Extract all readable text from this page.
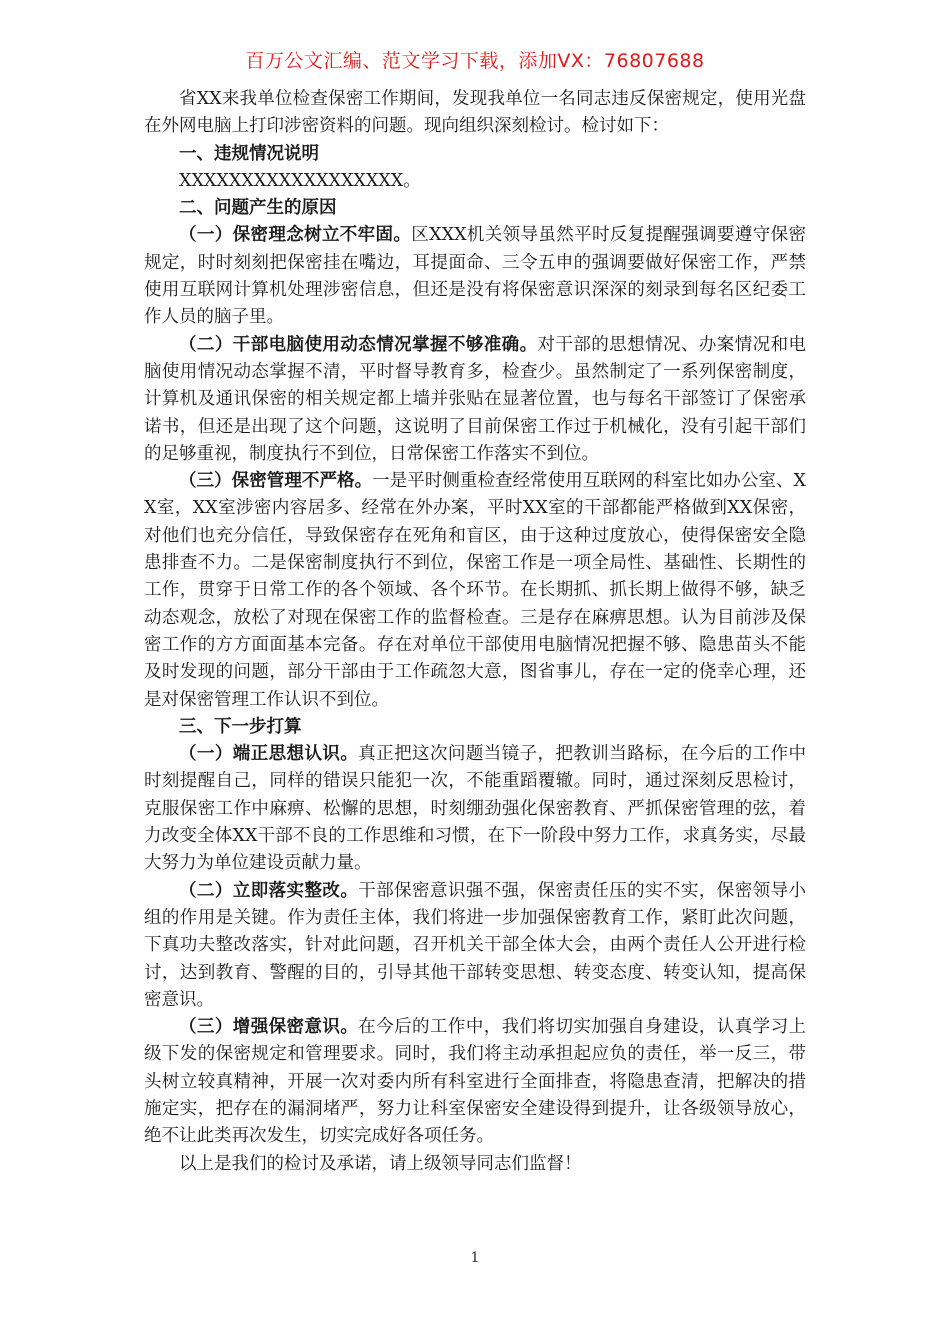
百万公文汇编、范文学习下载，添加VX：76807688

省XX来我单位检查保密工作期间，发现我单位一名同志违反保密规定，使用光盘在外网电脑上打印涉密资料的问题。现向组织深刻检讨。检讨如下：

一、违规情况说明

XXXXXXXXXXXXXXXXXX。

二、问题产生的原因

（一）保密理念树立不牢固。区XXX机关领导虽然平时反复提醒强调要遵守保密规定，时时刻刻把保密挂在嘴边，耳提面命、三令五申的强调要做好保密工作，严禁使用互联网计算机处理涉密信息，但还是没有将保密意识深深的刻录到每名区纪委工作人员的脑子里。

（二）干部电脑使用动态情况掌握不够准确。对干部的思想情况、办案情况和电脑使用情况动态掌握不清，平时督导教育多，检查少。虽然制定了一系列保密制度，计算机及通讯保密的相关规定都上墙并张贴在显著位置，也与每名干部签订了保密承诺书，但还是出现了这个问题，这说明了目前保密工作过于机械化，没有引起干部们的足够重视，制度执行不到位，日常保密工作落实不到位。

（三）保密管理不严格。一是平时侧重检查经常使用互联网的科室比如办公室、XX室，XX室涉密内容居多、经常在外办案，平时XX室的干部都能严格做到XX保密，对他们也充分信任，导致保密存在死角和盲区，由于这种过度放心，使得保密安全隐患排查不力。二是保密制度执行不到位，保密工作是一项全局性、基础性、长期性的工作，贯穿于日常工作的各个领域、各个环节。在长期抓、抓长期上做得不够，缺乏动态观念，放松了对现在保密工作的监督检查。三是存在麻痹思想。认为目前涉及保密工作的方方面面基本完备。存在对单位干部使用电脑情况把握不够、隐患苗头不能及时发现的问题，部分干部由于工作疏忽大意，图省事儿，存在一定的侥幸心理，还是对保密管理工作认识不到位。

三、下一步打算

（一）端正思想认识。真正把这次问题当镜子，把教训当路标，在今后的工作中时刻提醒自己，同样的错误只能犯一次，不能重蹈覆辙。同时，通过深刻反思检讨，克服保密工作中麻痹、松懈的思想，时刻绷劲强化保密教育、严抓保密管理的弦，着力改变全体XX干部不良的工作思维和习惯，在下一阶段中努力工作，求真务实，尽最大努力为单位建设贡献力量。

（二）立即落实整改。干部保密意识强不强，保密责任压的实不实，保密领导小组的作用是关键。作为责任主体，我们将进一步加强保密教育工作，紧盯此次问题，下真功夫整改落实，针对此问题，召开机关干部全体大会，由两个责任人公开进行检讨，达到教育、警醒的目的，引导其他干部转变思想、转变态度、转变认知，提高保密意识。

（三）增强保密意识。在今后的工作中，我们将切实加强自身建设，认真学习上级下发的保密规定和管理要求。同时，我们将主动承担起应负的责任，举一反三，带头树立较真精神，开展一次对委内所有科室进行全面排查，将隐患查清，把解决的措施定实，把存在的漏洞堵严，努力让科室保密安全建设得到提升，让各级领导放心，绝不让此类再次发生，切实完成好各项任务。

以上是我们的检讨及承诺，请上级领导同志们监督！

1
